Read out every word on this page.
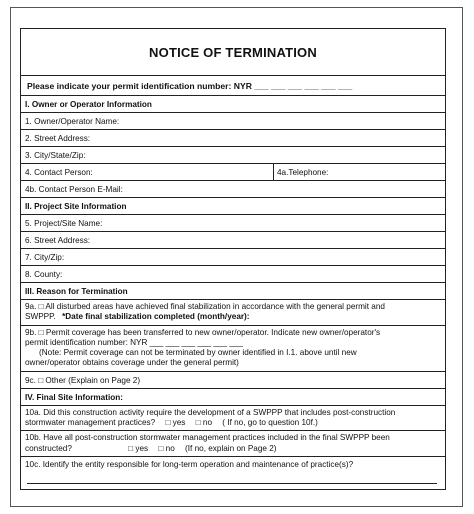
NOTICE OF TERMINATION
Please indicate your permit identification number: NYR ___ ___ ___ ___ ___ ___
I. Owner or Operator Information
1. Owner/Operator Name:
2. Street Address:
3. City/State/Zip:
4. Contact Person:	4a.Telephone:
4b. Contact Person E-Mail:
II. Project Site Information
5. Project/Site Name:
6. Street Address:
7. City/Zip:
8. County:
III. Reason for Termination
9a. □ All disturbed areas have achieved final stabilization in accordance with the general permit and
SWPPP. *Date final stabilization completed (month/year):
9b. □ Permit coverage has been transferred to new owner/operator. Indicate new owner/operator's
permit identification number: NYR ___ ___ ___ ___ ___ ___
(Note: Permit coverage can not be terminated by owner identified in I.1. above until new
owner/operator obtains coverage under the general permit)
9c. □ Other (Explain on Page 2)
IV. Final Site Information:
10a. Did this construction activity require the development of a SWPPP that includes post-construction
stormwater management practices? □ yes □ no ( If no, go to question 10f.)
10b. Have all post-construction stormwater management practices included in the final SWPPP been
constructed?	□ yes □ no (If no, explain on Page 2)
10c. Identify the entity responsible for long-term operation and maintenance of practice(s)?
